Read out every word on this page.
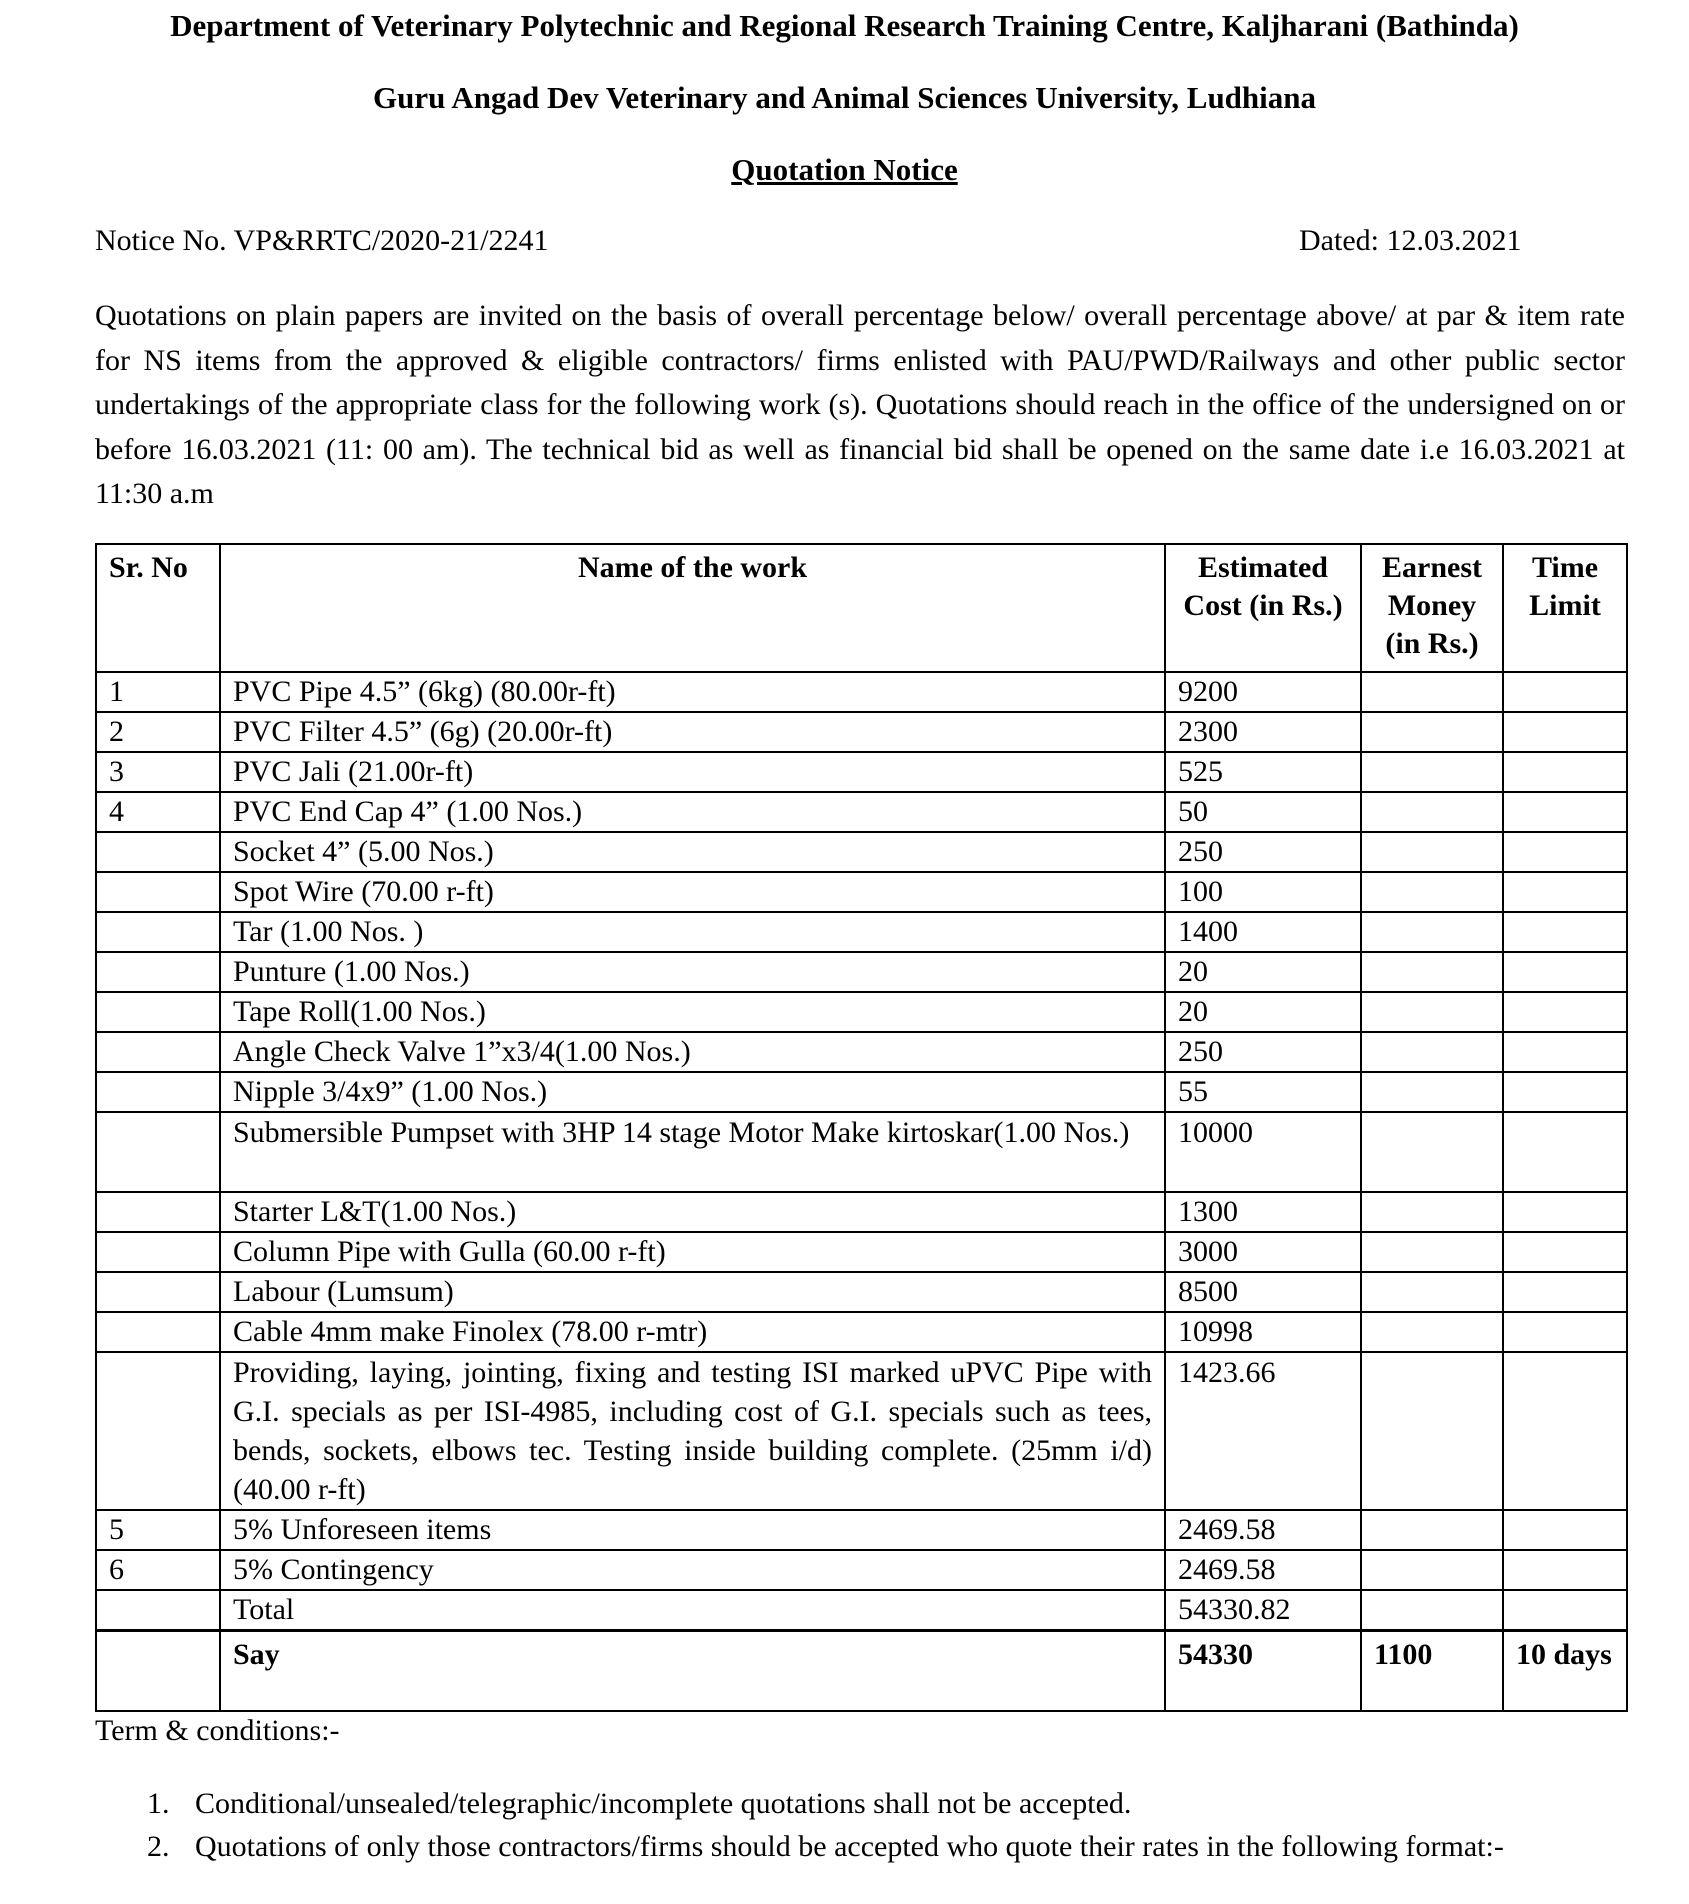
Department of Veterinary Polytechnic and Regional Research Training Centre, Kaljharani (Bathinda)
Guru Angad Dev Veterinary and Animal Sciences University, Ludhiana
Quotation Notice
Notice No. VP&RRTC/2020-21/2241	Dated: 12.03.2021
Quotations on plain papers are invited on the basis of overall percentage below/ overall percentage above/ at par & item rate for NS items from the approved & eligible contractors/ firms enlisted with PAU/PWD/Railways and other public sector undertakings of the appropriate class for the following work (s). Quotations should reach in the office of the undersigned on or before 16.03.2021 (11: 00 am). The technical bid as well as financial bid shall be opened on the same date i.e 16.03.2021 at 11:30 a.m
Sr. No	Name of the work	Estimated Cost (in Rs.)	Earnest Money (in Rs.)	Time Limit
1	PVC Pipe 4.5” (6kg) (80.00r-ft)	9200		
2	PVC Filter 4.5” (6g) (20.00r-ft)	2300		
3	PVC Jali (21.00r-ft)	525		
4	PVC End Cap 4” (1.00 Nos.)	50		
	Socket 4” (5.00 Nos.)	250		
	Spot Wire (70.00 r-ft)	100		
	Tar (1.00 Nos. )	1400		
	Punture (1.00 Nos.)	20		
	Tape Roll(1.00 Nos.)	20		
	Angle Check Valve 1”x3/4(1.00 Nos.)	250		
	Nipple 3/4x9” (1.00 Nos.)	55		
	Submersible Pumpset with 3HP 14 stage Motor Make kirtoskar(1.00 Nos.)	10000		
	Starter L&T(1.00 Nos.)	1300		
	Column Pipe with Gulla (60.00 r-ft)	3000		
	Labour (Lumsum)	8500		
	Cable 4mm make Finolex (78.00 r-mtr)	10998		
	Providing, laying, jointing, fixing and testing ISI marked uPVC Pipe with G.I. specials as per ISI-4985, including cost of G.I. specials such as tees, bends, sockets, elbows tec. Testing inside building complete. (25mm i/d) (40.00 r-ft)	1423.66		
5	5% Unforeseen items	2469.58		
6	5% Contingency	2469.58		
	Total	54330.82		
	Say	54330	1100	10 days
Term & conditions:-
1. Conditional/unsealed/telegraphic/incomplete quotations shall not be accepted.
2. Quotations of only those contractors/firms should be accepted who quote their rates in the following format:-
